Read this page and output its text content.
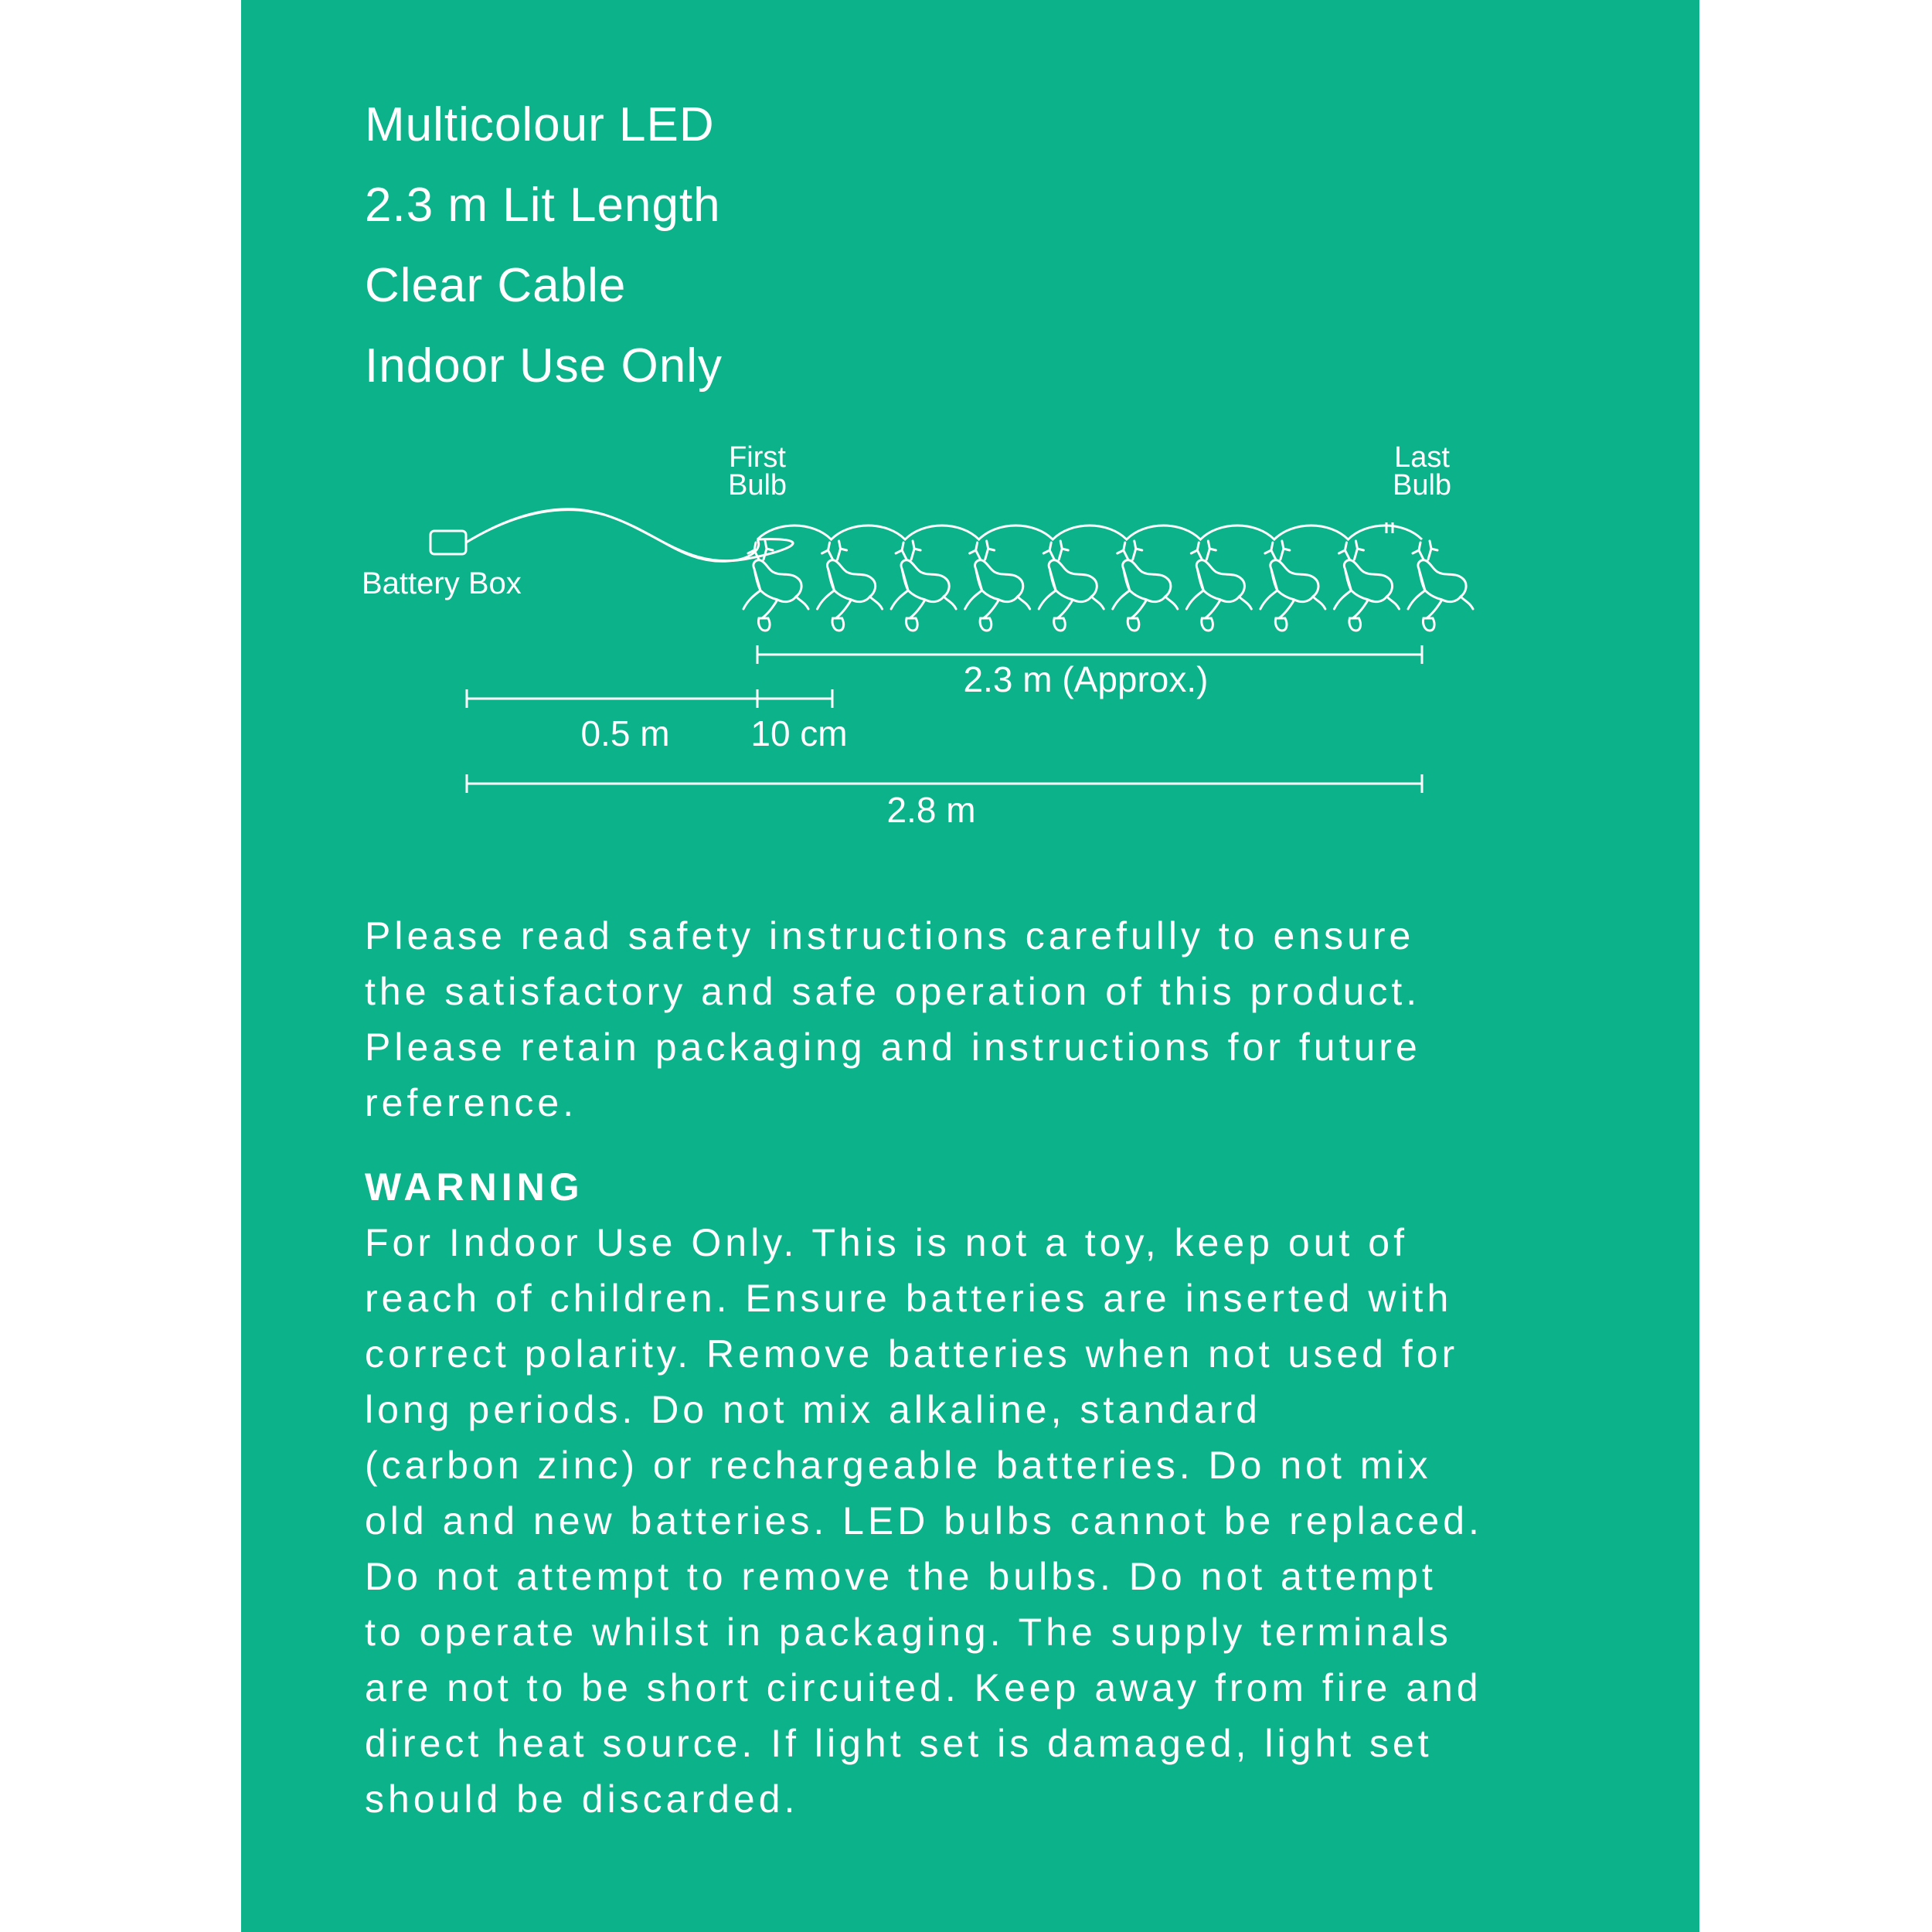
Multicolour LED
2.3 m Lit Length
Clear Cable
Indoor Use Only
Battery Box
First
Bulb
Last
Bulb
2.3 m (Approx.)
0.5 m 10 cm
2.8 m
Please read safety instructions carefully to ensure
the satisfactory and safe operation of this product.
Please retain packaging and instructions for future
reference.
WARNING
For Indoor Use Only. This is not a toy, keep out of
reach of children. Ensure batteries are inserted with
correct polarity. Remove batteries when not used for
long periods. Do not mix alkaline, standard
(carbon zinc) or rechargeable batteries. Do not mix
old and new batteries. LED bulbs cannot be replaced.
Do not attempt to remove the bulbs. Do not attempt
to operate whilst in packaging. The supply terminals
are not to be short circuited. Keep away from fire and
direct heat source. If light set is damaged, light set
should be discarded.
